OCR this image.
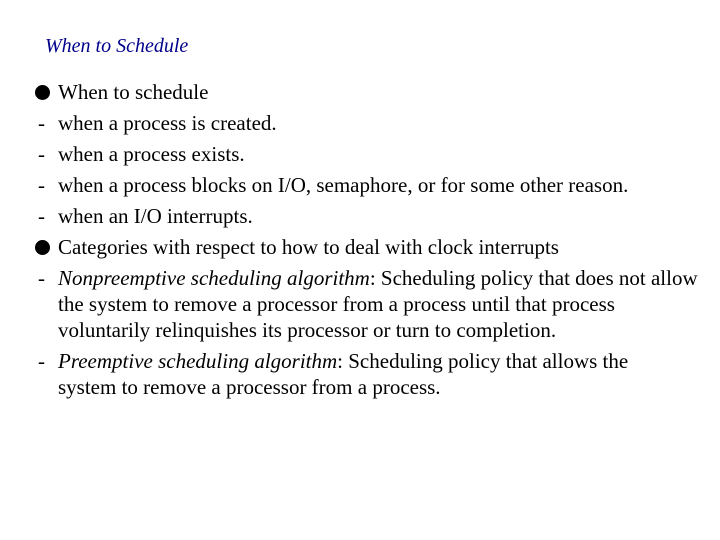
When to Schedule
When to schedule
- when a process is created.
- when a process exists.
- when a process blocks on I/O, semaphore, or for some other reason.
- when an I/O interrupts.
Categories with respect to how to deal with clock interrupts
- Nonpreemptive scheduling algorithm: Scheduling policy that does not allow the system to remove a processor from a process until that process voluntarily relinquishes its processor or turn to completion.
- Preemptive scheduling algorithm: Scheduling policy that allows the system to remove a processor from a process.
